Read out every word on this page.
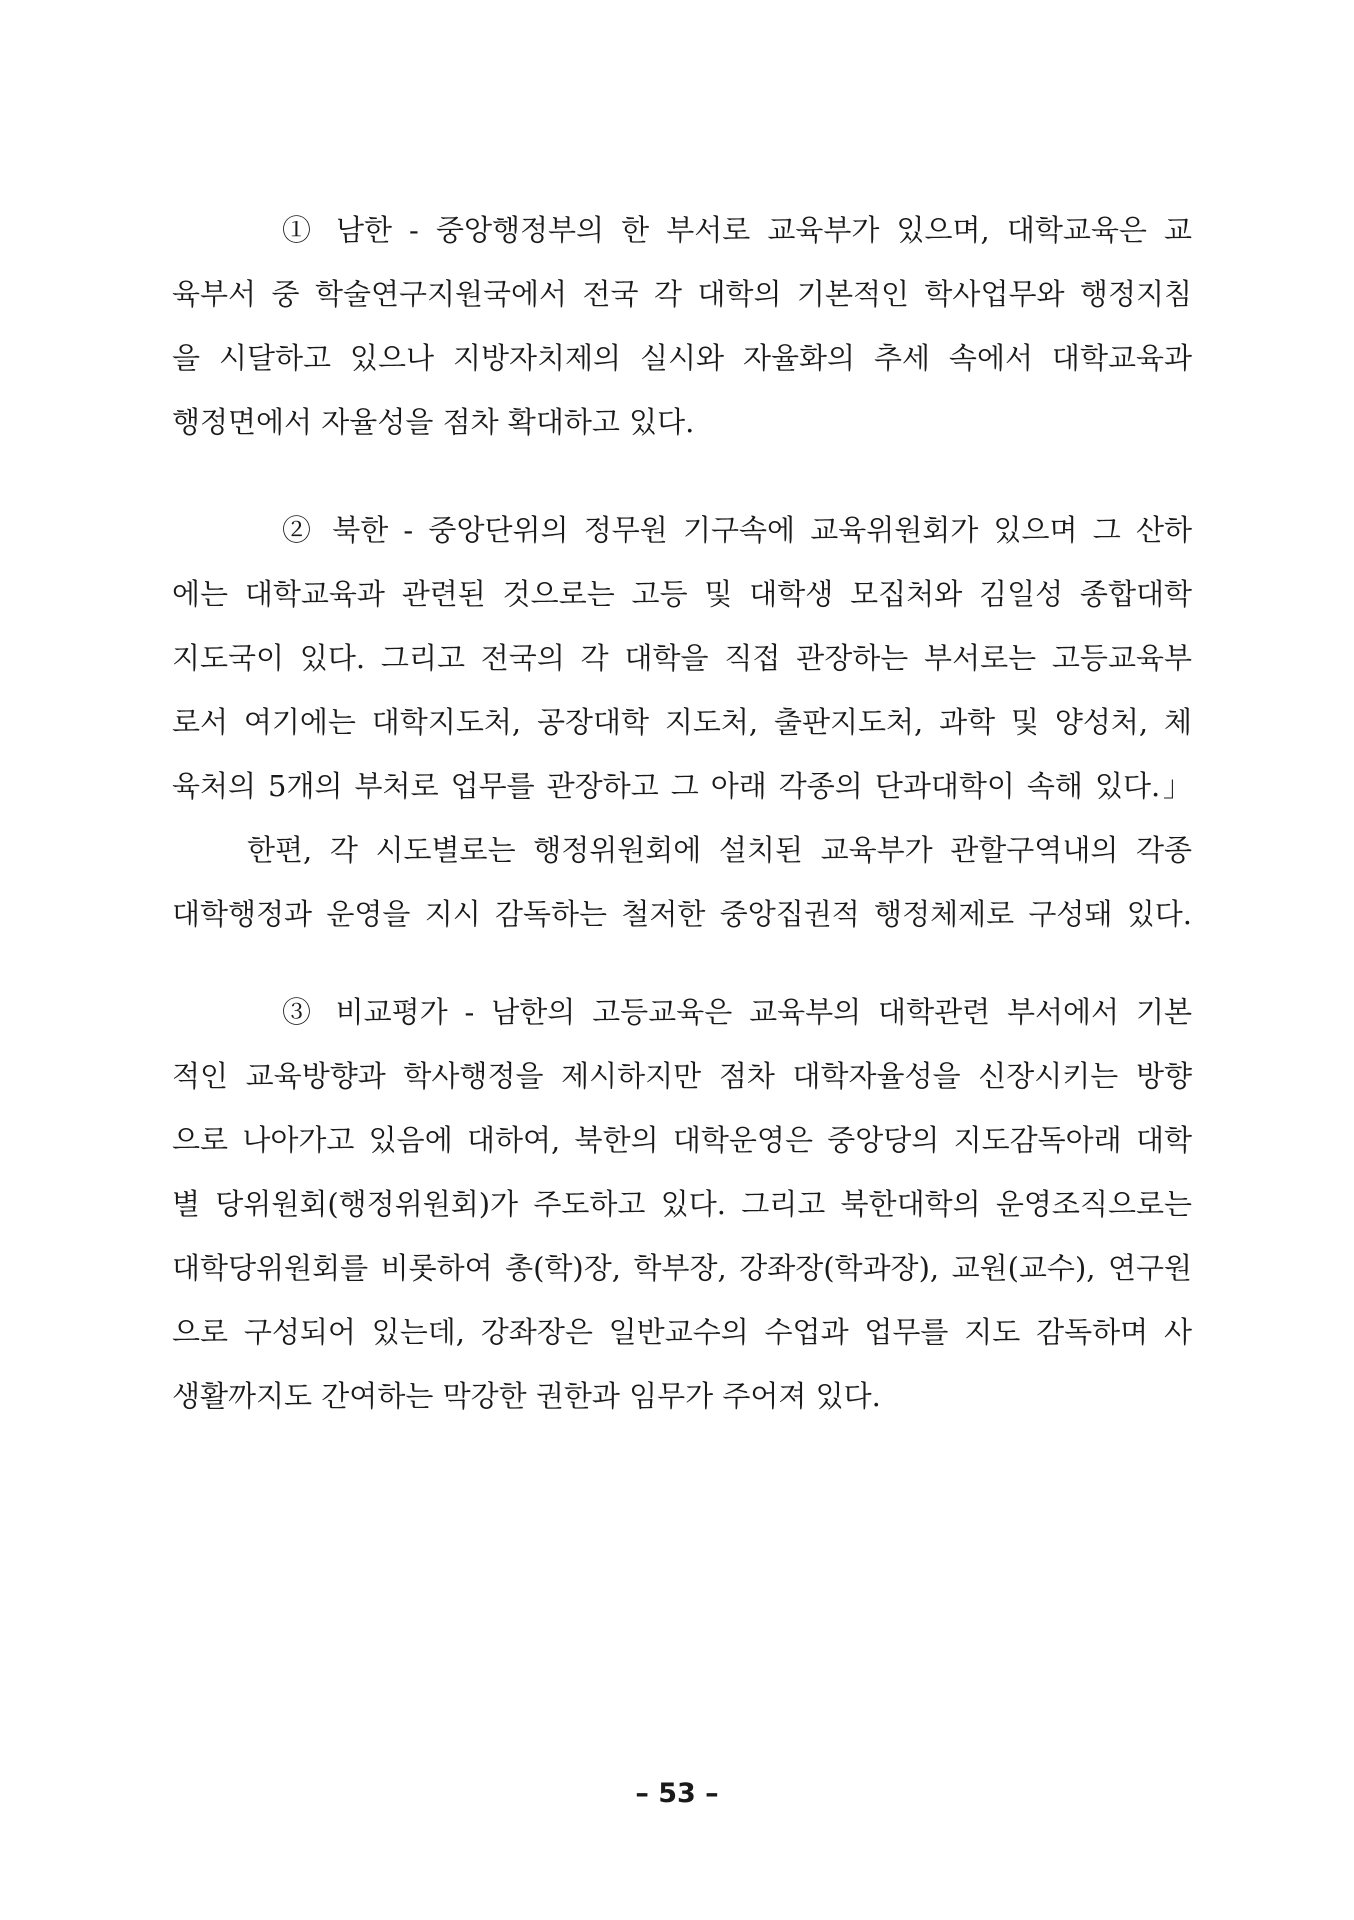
① 남한 - 중앙행정부의 한 부서로 교육부가 있으며, 대학교육은 교
육부서 중 학술연구지원국에서 전국 각 대학의 기본적인 학사업무와 행정지침
을 시달하고 있으나 지방자치제의 실시와 자율화의 추세 속에서 대학교육과
행정면에서 자율성을 점차 확대하고 있다.
② 북한 - 중앙단위의 정무원 기구속에 교육위원회가 있으며 그 산하
에는 대학교육과 관련된 것으로는 고등 및 대학생 모집처와 김일성 종합대학
지도국이 있다. 그리고 전국의 각 대학을 직접 관장하는 부서로는 고등교육부
로서 여기에는 대학지도처, 공장대학 지도처, 출판지도처, 과학 및 양성처, 체
육처의 5개의 부처로 업무를 관장하고 그 아래 각종의 단과대학이 속해 있다.」
한편, 각 시도별로는 행정위원회에 설치된 교육부가 관할구역내의 각종
대학행정과 운영을 지시 감독하는 철저한 중앙집권적 행정체제로 구성돼 있다.
③ 비교평가 - 남한의 고등교육은 교육부의 대학관련 부서에서 기본
적인 교육방향과 학사행정을 제시하지만 점차 대학자율성을 신장시키는 방향
으로 나아가고 있음에 대하여, 북한의 대학운영은 중앙당의 지도감독아래 대학
별 당위원회(행정위원회)가 주도하고 있다. 그리고 북한대학의 운영조직으로는
대학당위원회를 비롯하여 총(학)장, 학부장, 강좌장(학과장), 교원(교수), 연구원
으로 구성되어 있는데, 강좌장은 일반교수의 수업과 업무를 지도 감독하며 사
생활까지도 간여하는 막강한 권한과 임무가 주어져 있다.
– 53 –
